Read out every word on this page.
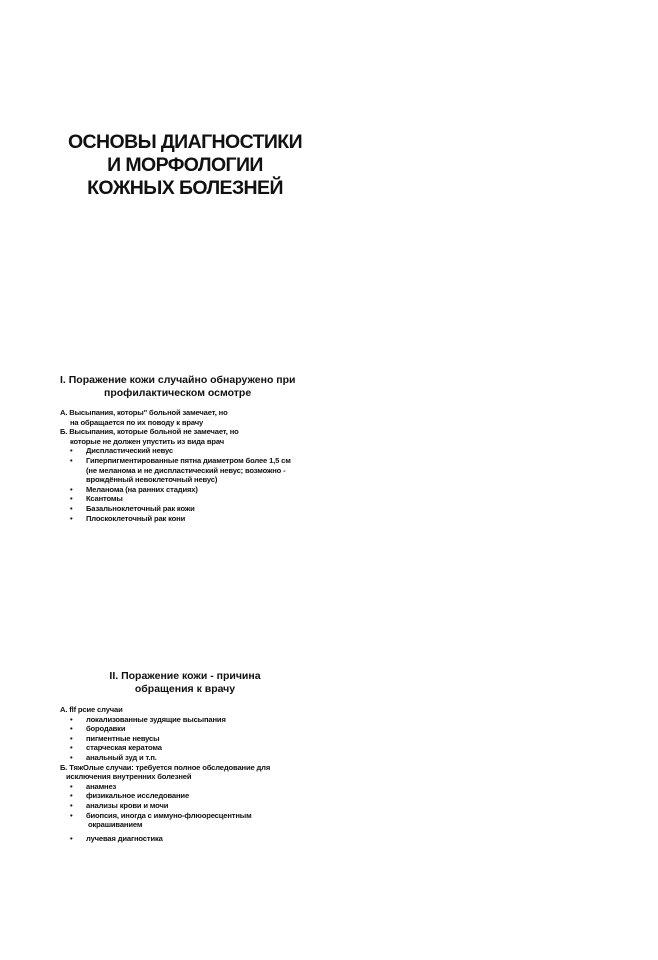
ОСНОВЫ ДИАГНОСТИКИ
И МОРФОЛОГИИ
КОЖНЫХ БОЛЕЗНЕЙ
I. Поражение кожи случайно обнаружено при
профилактическом осмотре
А. Высыпания, которы" больной замечает, но
на обращается по их поводу к врачу
Б. Высыпания, которые больной не замечает, но
которые не должен упустить из вида врач
• Диспластический невус
• Гиперпигментированные пятна диаметром более 1,5 см
(не меланома и не диспластический невус; возможно -
врождённый невоклеточный невус)
• Меланома (на ранних стадиях)
• Ксантомы
• Базальноклеточный рак кожи
• Плоскоклеточный рак кони
II. Поражение кожи - причина
обращения к врачу
А. flf рсие случаи
• локализованные зудящие высыпания
• бородавки
• пигментные невусы
• старческая кератома
• анальный зуд и т.п.
Б. ТяжОлые случаи: требуется полное обследование для
исключения внутренних болезней
• анамнез
• физикальное исследование
• анализы крови и мочи
• биопсия, иногда с иммуно-флюоресцентным
окрашиванием
• лучевая диагностика
